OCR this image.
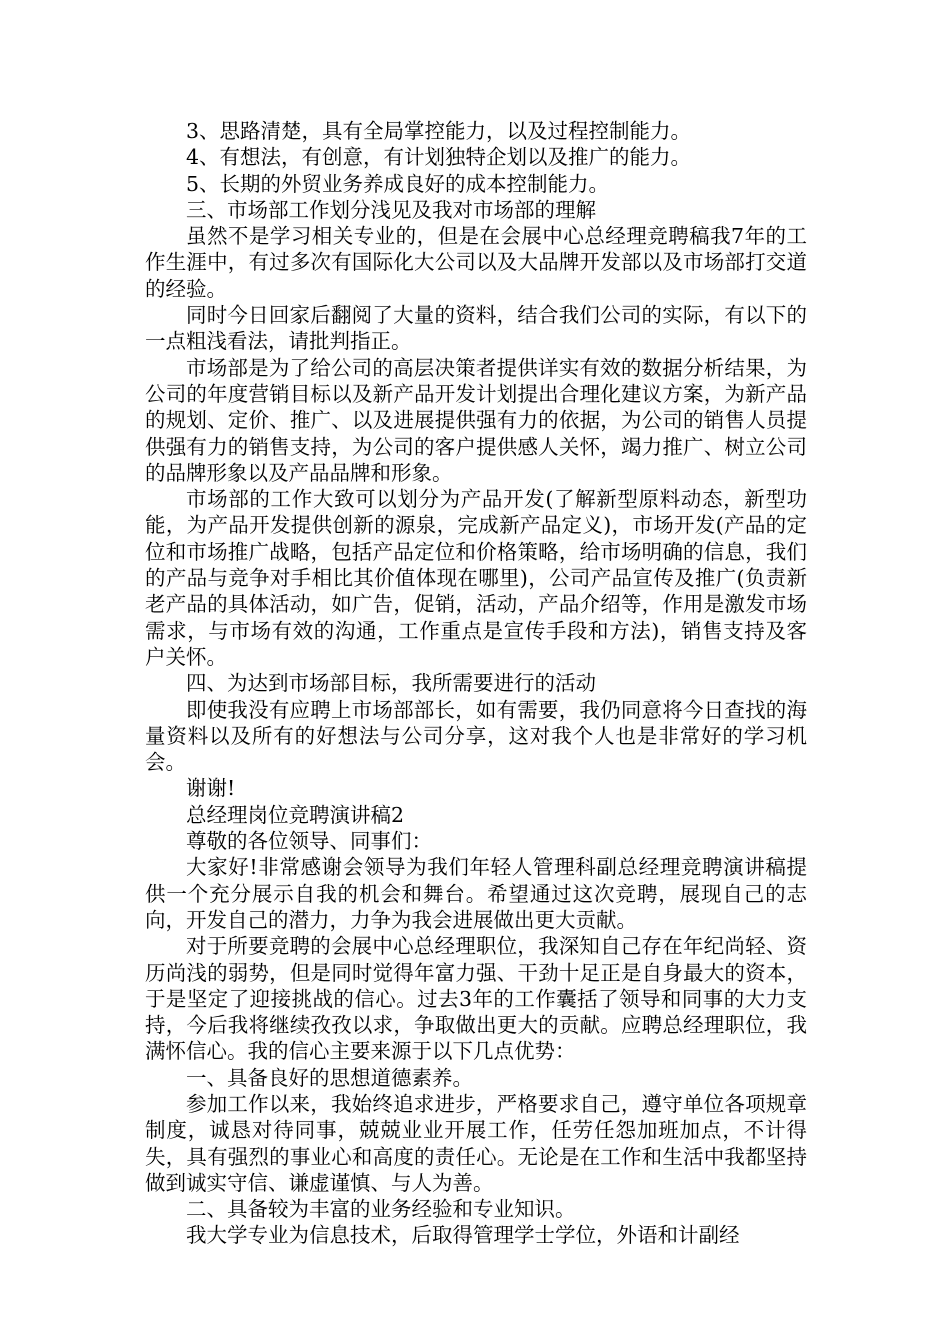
3、思路清楚，具有全局掌控能力，以及过程控制能力。

4、有想法，有创意，有计划独特企划以及推广的能力。

5、长期的外贸业务养成良好的成本控制能力。

三、市场部工作划分浅见及我对市场部的理解

虽然不是学习相关专业的，但是在会展中心总经理竞聘稿我7年的工作生涯中，有过多次有国际化大公司以及大品牌开发部以及市场部打交道的经验。

同时今日回家后翻阅了大量的资料，结合我们公司的实际，有以下的一点粗浅看法，请批判指正。

市场部是为了给公司的高层决策者提供详实有效的数据分析结果，为公司的年度营销目标以及新产品开发计划提出合理化建议方案，为新产品的规划、定价、推广、以及进展提供强有力的依据，为公司的销售人员提供强有力的销售支持，为公司的客户提供感人关怀，竭力推广、树立公司的品牌形象以及产品品牌和形象。

市场部的工作大致可以划分为产品开发(了解新型原料动态，新型功能，为产品开发提供创新的源泉，完成新产品定义)，市场开发(产品的定位和市场推广战略，包括产品定位和价格策略，给市场明确的信息，我们的产品与竞争对手相比其价值体现在哪里)，公司产品宣传及推广(负责新老产品的具体活动，如广告，促销，活动，产品介绍等，作用是激发市场需求，与市场有效的沟通，工作重点是宣传手段和方法)，销售支持及客户关怀。

四、为达到市场部目标，我所需要进行的活动

即使我没有应聘上市场部部长，如有需要，我仍同意将今日查找的海量资料以及所有的好想法与公司分享，这对我个人也是非常好的学习机会。

谢谢!

总经理岗位竞聘演讲稿2

尊敬的各位领导、同事们：

大家好!非常感谢会领导为我们年轻人管理科副总经理竞聘演讲稿提供一个充分展示自我的机会和舞台。希望通过这次竞聘，展现自己的志向，开发自己的潜力，力争为我会进展做出更大贡献。

对于所要竞聘的会展中心总经理职位，我深知自己存在年纪尚轻、资历尚浅的弱势，但是同时觉得年富力强、干劲十足正是自身最大的资本，于是坚定了迎接挑战的信心。过去3年的工作囊括了领导和同事的大力支持，今后我将继续孜孜以求，争取做出更大的贡献。应聘总经理职位，我满怀信心。我的信心主要来源于以下几点优势：

一、具备良好的思想道德素养。

参加工作以来，我始终追求进步，严格要求自己，遵守单位各项规章制度，诚恳对待同事，兢兢业业开展工作，任劳任怨加班加点，不计得失，具有强烈的事业心和高度的责任心。无论是在工作和生活中我都坚持做到诚实守信、谦虚谨慎、与人为善。

二、具备较为丰富的业务经验和专业知识。

我大学专业为信息技术，后取得管理学士学位，外语和计副经
